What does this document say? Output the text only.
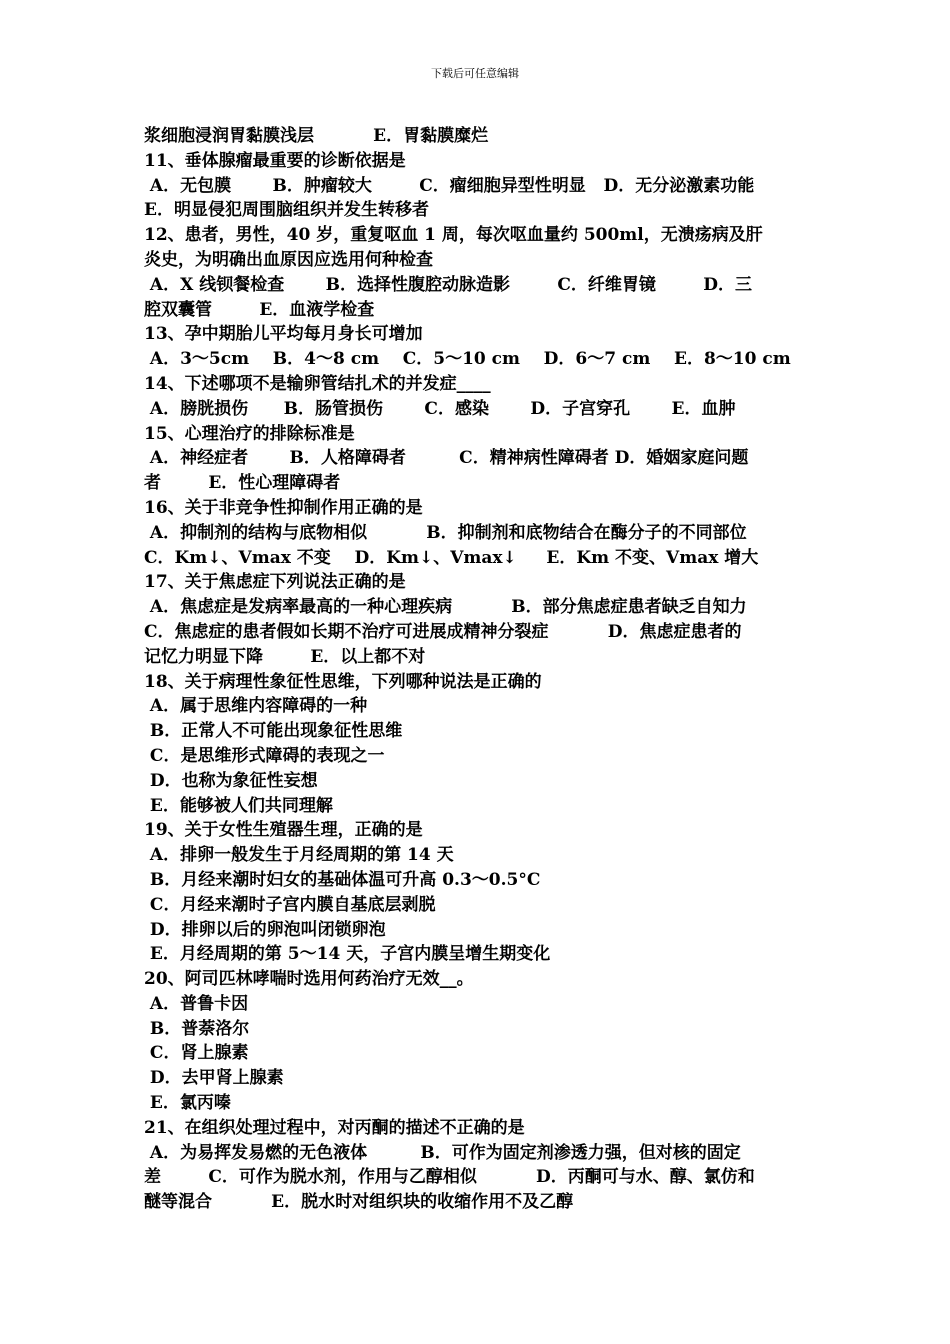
下载后可任意编辑
浆细胞浸润胃黏膜浅层          E．胃黏膜糜烂
11、垂体腺瘤最重要的诊断依据是
A．无包膜       B．肿瘤较大        C．瘤细胞异型性明显   D．无分泌激素功能
E．明显侵犯周围脑组织并发生转移者
12、患者，男性，40 岁，重复呕血 1 周，每次呕血量约 500ml，无溃疡病及肝
炎史，为明确出血原因应选用何种检查
A．X 线钡餐检查       B．选择性腹腔动脉造影        C．纤维胃镜        D．三
腔双囊管        E．血液学检查
13、孕中期胎儿平均每月身长可增加
A．3～5cm    B．4～8 cm    C．5～10 cm    D．6～7 cm    E．8～10 cm
14、下述哪项不是输卵管结扎术的并发症____
A．膀胱损伤      B．肠管损伤       C．感染       D．子宫穿孔       E．血肿
15、心理治疗的排除标准是
A．神经症者       B．人格障碍者         C．精神病性障碍者 D．婚姻家庭问题
者        E．性心理障碍者
16、关于非竞争性抑制作用正确的是
A．抑制剂的结构与底物相似          B．抑制剂和底物结合在酶分子的不同部位
C．Km↓、Vmax 不变    D．Km↓、Vmax↓     E．Km 不变、Vmax 增大
17、关于焦虑症下列说法正确的是
A．焦虑症是发病率最高的一种心理疾病          B．部分焦虑症患者缺乏自知力
C．焦虑症的患者假如长期不治疗可进展成精神分裂症          D．焦虑症患者的
记忆力明显下降        E．以上都不对
18、关于病理性象征性思维，下列哪种说法是正确的
A．属于思维内容障碍的一种
B．正常人不可能出现象征性思维
C．是思维形式障碍的表现之一
D．也称为象征性妄想
E．能够被人们共同理解
19、关于女性生殖器生理，正确的是
A．排卵一般发生于月经周期的第 14 天
B．月经来潮时妇女的基础体温可升高 0.3～0.5°C
C．月经来潮时子宫内膜自基底层剥脱
D．排卵以后的卵泡叫闭锁卵泡
E．月经周期的第 5～14 天，子宫内膜呈增生期变化
20、阿司匹林哮喘时选用何药治疗无效__。
A．普鲁卡因
B．普萘洛尔
C．肾上腺素
D．去甲肾上腺素
E．氯丙嗪
21、在组织处理过程中，对丙酮的描述不正确的是
A．为易挥发易燃的无色液体         B．可作为固定剂渗透力强，但对核的固定
差        C．可作为脱水剂，作用与乙醇相似          D．丙酮可与水、醇、氯仿和
醚等混合          E．脱水时对组织块的收缩作用不及乙醇
